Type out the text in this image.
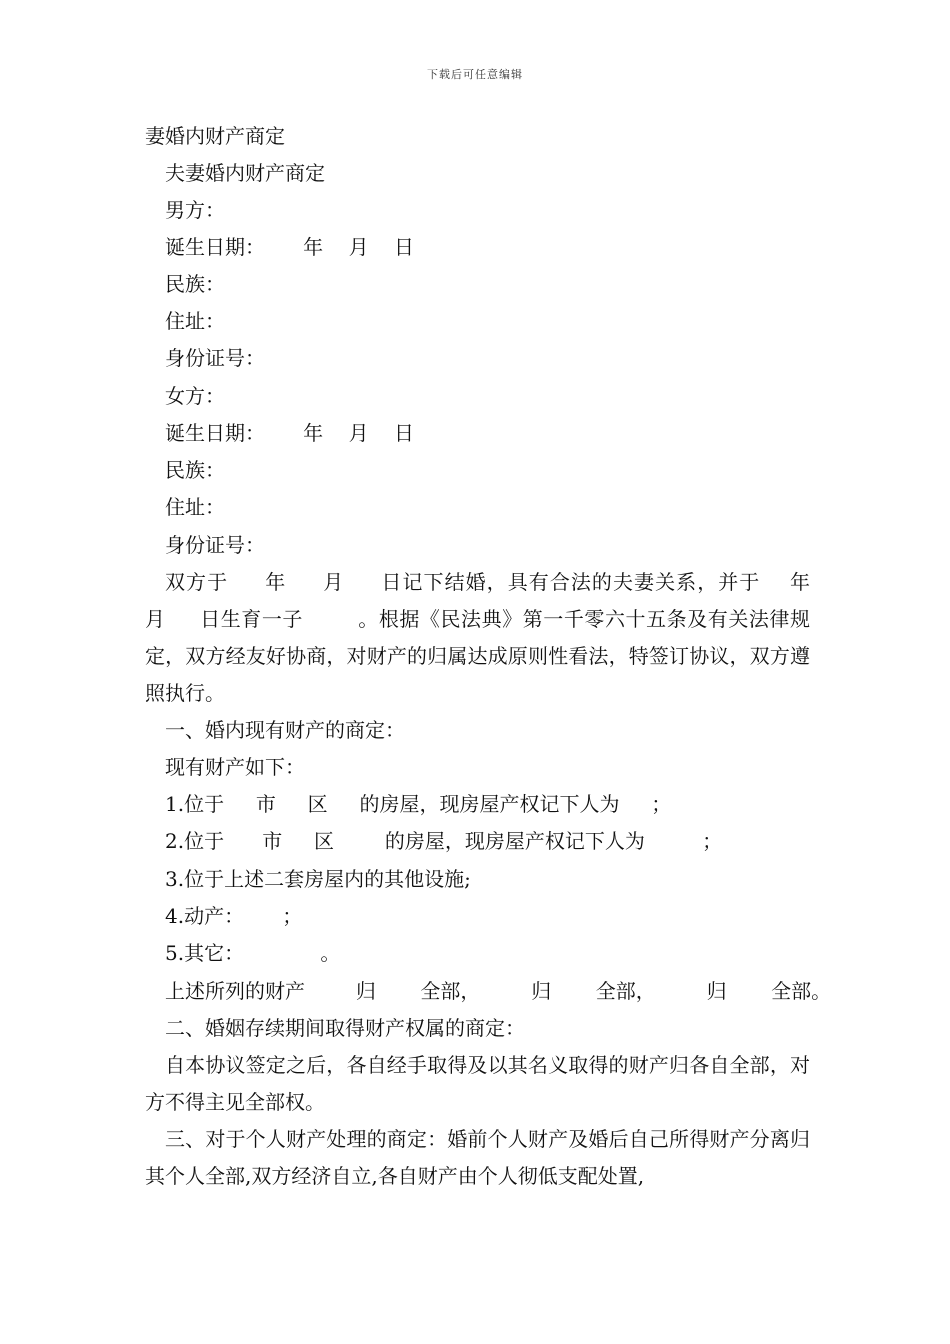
下载后可任意编辑
妻婚内财产商定
夫妻婚内财产商定
男方：
诞生日期：      年    月    日
民族：
住址：
身份证号：
女方：
诞生日期：      年    月    日
民族：
住址：
身份证号：
双方于     年     月     日记下结婚，具有合法的夫妻关系，并于    年    月     日生育一子        。根据《民法典》第一千零六十五条及有关法律规定，双方经友好协商，对财产的归属达成原则性看法，特签订协议，双方遵照执行。
一、婚内现有财产的商定：
现有财产如下：
1.位于     市     区     的房屋，现房屋产权记下人为     ；
2.位于      市     区        的房屋，现房屋产权记下人为         ；
3.位于上述二套房屋内的其他设施;
4.动产：      ；
5.其它：            。
上述所列的财产        归       全部，        归       全部，        归       全部。
二、婚姻存续期间取得财产权属的商定：
自本协议签定之后，各自经手取得及以其名义取得的财产归各自全部，对方不得主见全部权。
三、对于个人财产处理的商定：婚前个人财产及婚后自己所得财产分离归其个人全部,双方经济自立,各自财产由个人彻低支配处置,
